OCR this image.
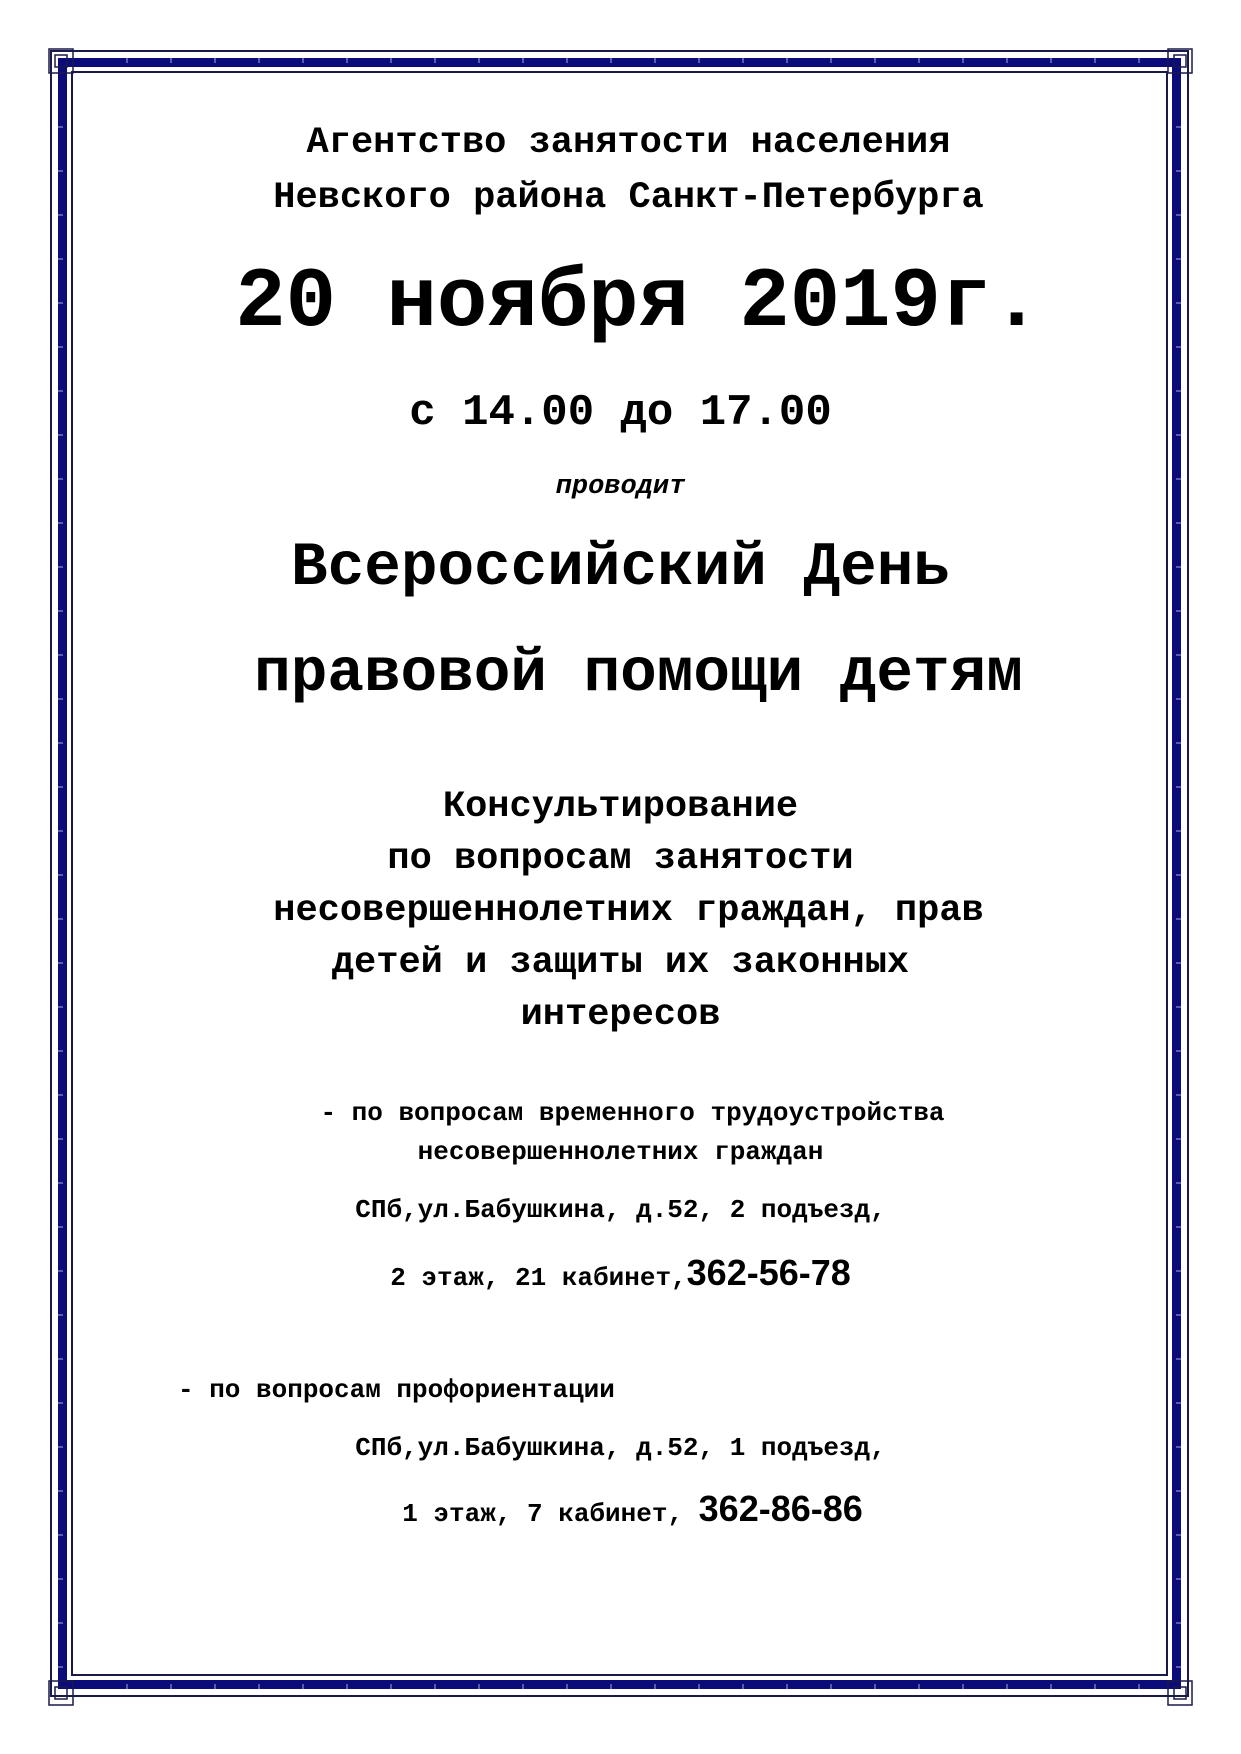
Агентство занятости населения
Невского района Санкт-Петербурга
20 ноября 2019г.
с 14.00 до 17.00
проводит
Всероссийский День
правовой помощи детям
Консультирование
по вопросам занятости
несовершеннолетних граждан, прав
детей и защиты их законных
интересов
- по вопросам временного трудоустройства
несовершеннолетних граждан
СПб,ул.Бабушкина, д.52, 2 подъезд,
2 этаж, 21 кабинет,362-56-78
- по вопросам профориентации
СПб,ул.Бабушкина, д.52, 1 подъезд,
1 этаж, 7 кабинет, 362-86-86
